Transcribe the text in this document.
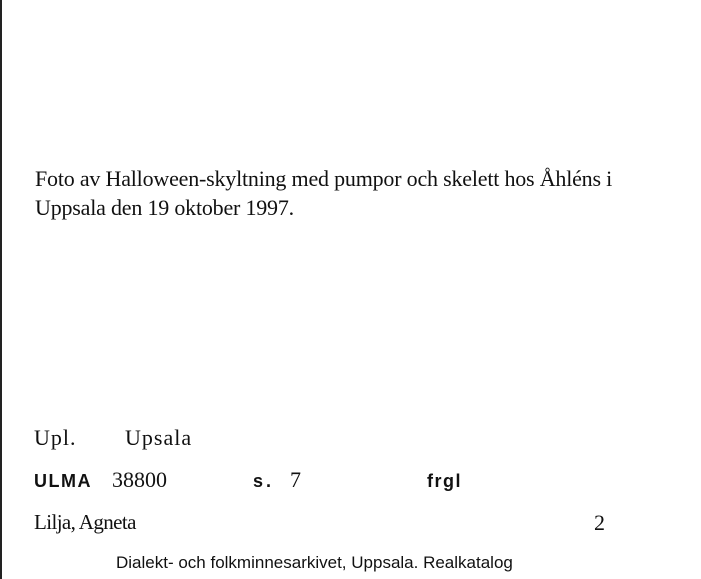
Foto av Halloween-skyltning med pumpor och skelett hos Åhléns i Uppsala den 19 oktober 1997.
Upl. Upsala
ULMA 38800	s. 7	frgl
Lilja, Agneta	2
Dialekt- och folkminnesarkivet, Uppsala. Realkatalog
